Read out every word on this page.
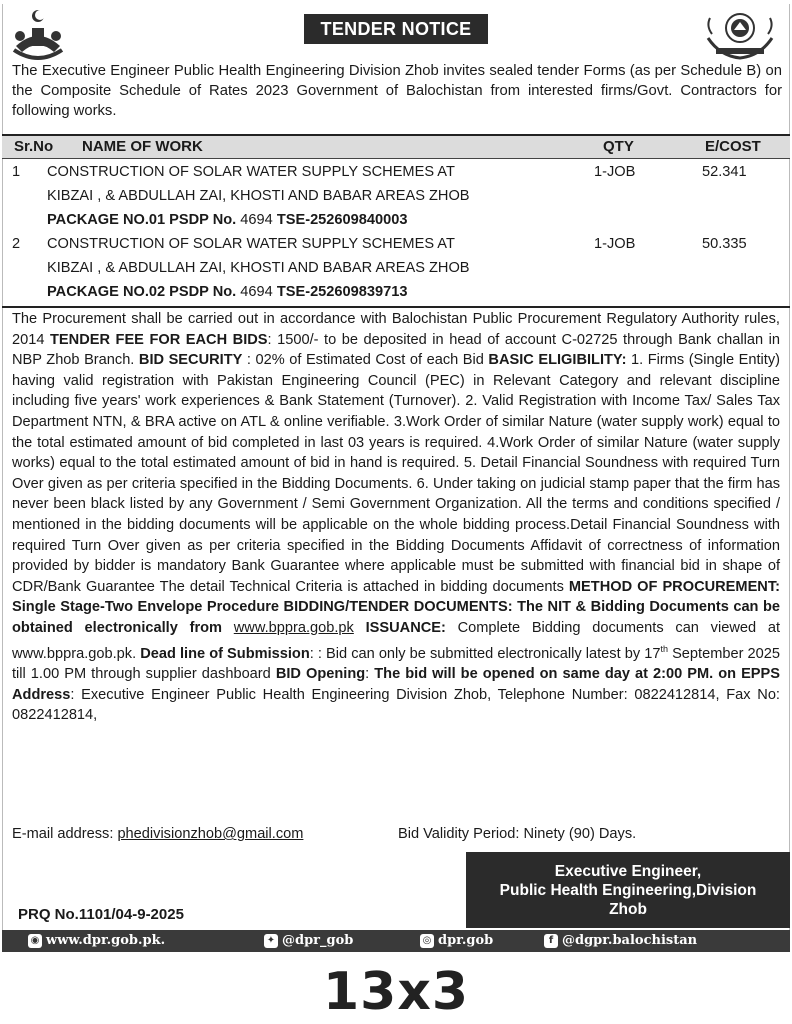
TENDER NOTICE
The Executive Engineer Public Health Engineering Division Zhob invites sealed tender Forms (as per Schedule B) on the Composite Schedule of Rates 2023 Government of Balochistan from interested firms/Govt. Contractors for following works.
Sr.No NAME OF WORK	QTY	E/COST
1 CONSTRUCTION OF SOLAR WATER SUPPLY SCHEMES AT
KIBZAI , & ABDULLAH ZAI, KHOSTI AND BABAR AREAS ZHOB
PACKAGE NO.01 PSDP No. 4694 TSE-252609840003
1-JOB	52.341
2 CONSTRUCTION OF SOLAR WATER SUPPLY SCHEMES AT
KIBZAI , & ABDULLAH ZAI, KHOSTI AND BABAR AREAS ZHOB
PACKAGE NO.02 PSDP No. 4694 TSE-252609839713
1-JOB	50.335
The Procurement shall be carried out in accordance with Balochistan Public Procurement Regulatory Authority rules, 2014 TENDER FEE FOR EACH BIDS: 1500/- to be deposited in head of account C-02725 through Bank challan in NBP Zhob Branch. BID SECURITY : 02% of Estimated Cost of each Bid BASIC ELIGIBILITY: 1. Firms (Single Entity) having valid registration with Pakistan Engineering Council (PEC) in Relevant Category and relevant discipline including five years' work experiences & Bank Statement (Turnover). 2. Valid Registration with Income Tax/ Sales Tax Department NTN, & BRA active on ATL & online verifiable. 3.Work Order of similar Nature (water supply work) equal to the total estimated amount of bid completed in last 03 years is required. 4.Work Order of similar Nature (water supply works) equal to the total estimated amount of bid in hand is required. 5. Detail Financial Soundness with required Turn Over given as per criteria specified in the Bidding Documents. 6. Under taking on judicial stamp paper that the firm has never been black listed by any Government / Semi Government Organization. All the terms and conditions specified / mentioned in the bidding documents will be applicable on the whole bidding process.Detail Financial Soundness with required Turn Over given as per criteria specified in the Bidding Documents Affidavit of correctness of information provided by bidder is mandatory Bank Guarantee where applicable must be submitted with financial bid in shape of CDR/Bank Guarantee The detail Technical Criteria is attached in bidding documents METHOD OF PROCUREMENT: Single Stage-Two Envelope Procedure BIDDING/TENDER DOCUMENTS: The NIT & Bidding Documents can be obtained electronically from www.bppra.gob.pk ISSUANCE: Complete Bidding documents can viewed at www.bppra.gob.pk. Dead line of Submission: : Bid can only be submitted electronically latest by 17th September 2025 till 1.00 PM through supplier dashboard BID Opening: The bid will be opened on same day at 2:00 PM. on EPPS Address: Executive Engineer Public Health Engineering Division Zhob, Telephone Number: 0822412814, Fax No: 0822412814,
E-mail address: phedivisionzhob@gmail.com	Bid Validity Period: Ninety (90) Days.
Executive Engineer,
Public Health Engineering,Division
Zhob
PRQ No.1101/04-9-2025
◉ www.dpr.gob.pk.	✦ @dpr_gob	◎ dpr.gob	f @dgpr.balochistan
13x3
